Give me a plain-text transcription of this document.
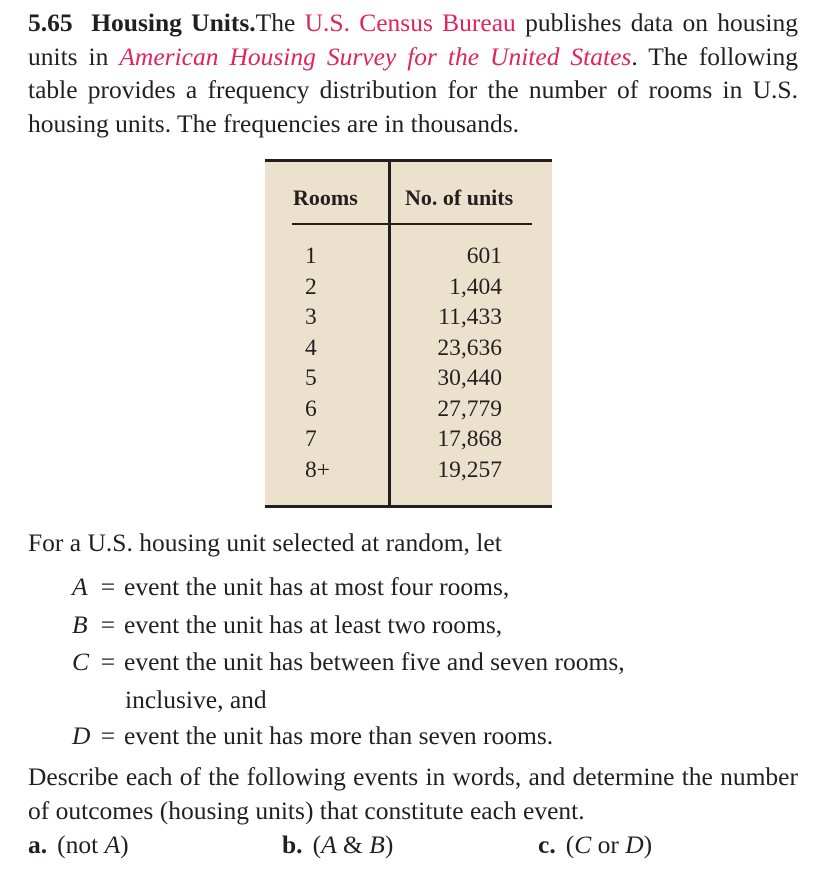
5.65 Housing Units.The U.S. Census Bureau publishes data on housing units in American Housing Survey for the United States. The following table provides a frequency distribution for the number of rooms in U.S. housing units. The frequencies are in thousands.
Rooms	No. of units
1	601
2	1,404
3	11,433
4	23,636
5	30,440
6	27,779
7	17,868
8+	19,257
For a U.S. housing unit selected at random, let
A = event the unit has at most four rooms,
B = event the unit has at least two rooms,
C = event the unit has between five and seven rooms,
inclusive, and
D = event the unit has more than seven rooms.
Describe each of the following events in words, and determine the number of outcomes (housing units) that constitute each event.
a. (not A)	b. (A & B)	c. (C or D)
